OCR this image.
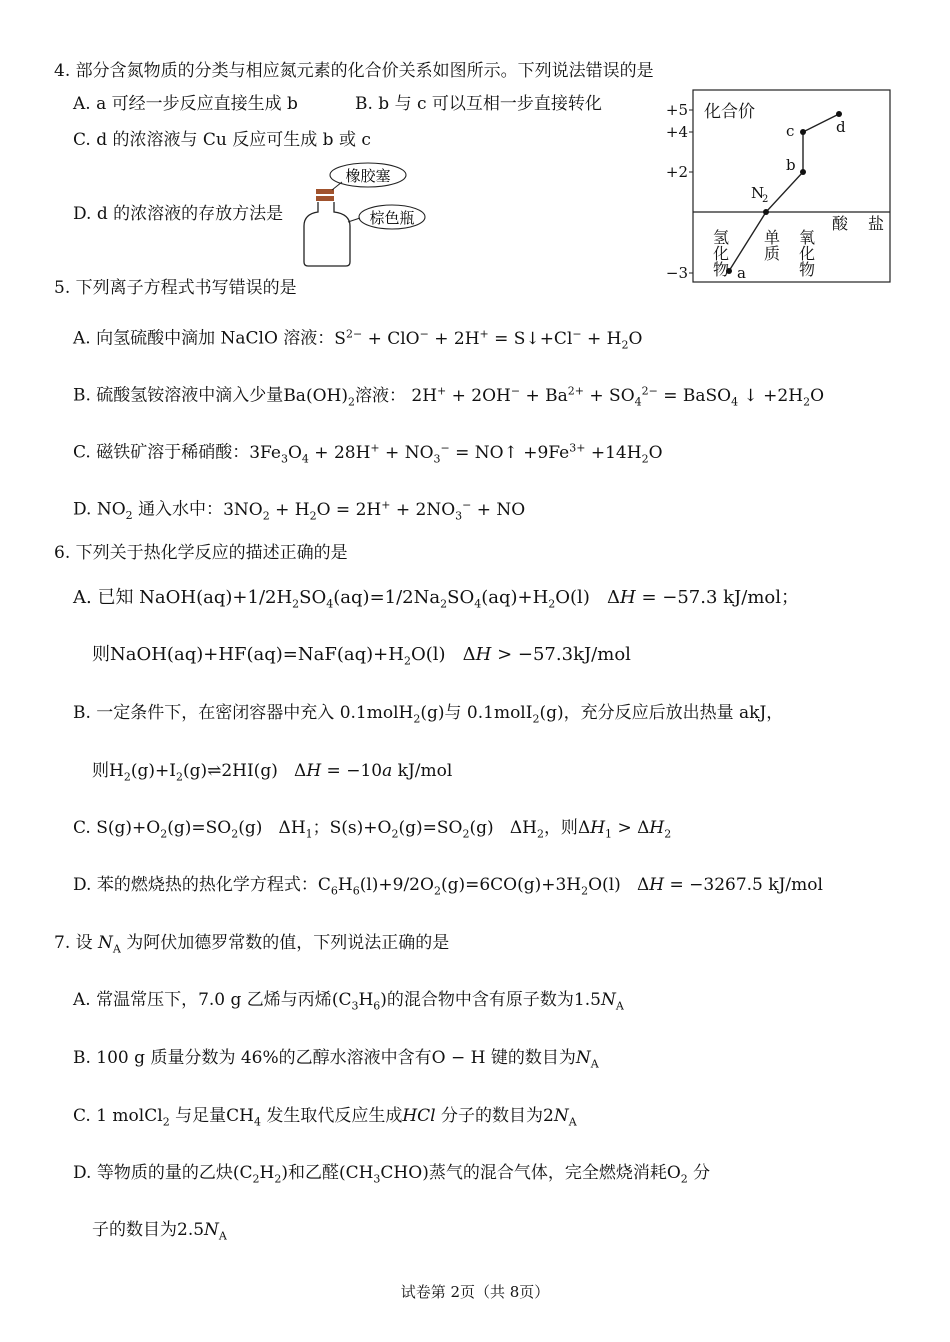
4. 部分含氮物质的分类与相应氮元素的化合价关系如图所示。下列说法错误的是
A. a 可经一步反应直接生成 b	B. b 与 c 可以互相一步直接转化
C. d 的浓溶液与 Cu 反应可生成 b 或 c
D. d 的浓溶液的存放方法是
橡胶塞
棕色瓶
+5
+4
+2
−3
化合价
a
N
2
b
c	d
氢化物 单质 氧化物
酸 盐
5. 下列离子方程式书写错误的是
A. 向氢硫酸中滴加 NaClO 溶液：$S^{2-} + ClO^- + 2H^+$ = S↓+Cl− + $H_2O$
B. 硫酸氢铵溶液中滴入少量$Ba(OH)_2$溶液： $2H^+ + 2OH^- + Ba^{2+} + SO_4^{2-}$ = BaSO$_4$ ↓ $+2H_2O$
C. 磁铁矿溶于稀硝酸：$3Fe_3O_4 + 28H^+ + NO_3^-$ = NO↑ $+9Fe^{3+} +14H_2O$
D. $NO_2$ 通入水中：$3NO_2 + H_2O = 2H^+ + 2NO_3^-$ + NO
6. 下列关于热化学反应的描述正确的是
A. 已知 $NaOH(aq)+1/2H_2SO_4(aq)=1/2Na_2SO_4(aq)+H_2O(l) \Delta H = -57.3$ kJ/mol；
则$NaOH(aq)+HF(aq)=NaF(aq)+H_2O(l) \Delta H > -57.3kJ/mol$
B. 一定条件下，在密闭容器中充入 0.1molH$_2$(g)与 0.1molI$_2$(g)，充分反应后放出热量 akJ，
则$H_2(g)+I_2(g)\rightleftharpoons 2HI(g) \Delta H = -10a$ kJ/mol
C. $S(g)+O_2(g)=SO_2(g)$   $\Delta H_1$；$S(s)+O_2(g)=SO_2(g)$   $\Delta H_2$，则$\Delta H_1 > \Delta H_2$
D. 苯的燃烧热的热化学方程式：$C_6H_6(l)+9/2O_2(g)=6CO(g)+3H_2O(l) \Delta H = -3267.5$ kJ/mol
7. 设 $N_A$ 为阿伏加德罗常数的值，下列说法正确的是
A. 常温常压下，7.0 g 乙烯与丙烯$(C_3H_6)$的混合物中含有原子数为$1.5N_A$
B. 100 g 质量分数为 46%的乙醇水溶液中含有O − H 键的数目为$N_A$
C. 1 molCl$_2$ 与足量$CH_4$ 发生取代反应生成HCl 分子的数目为$2N_A$
D. 等物质的量的乙炔$(C_2H_2)$和乙醛$(CH_3CHO)$蒸气的混合气体，完全燃烧消耗$O_2$ 分
子的数目为$2.5N_A$
试卷第 2页（共 8页）
